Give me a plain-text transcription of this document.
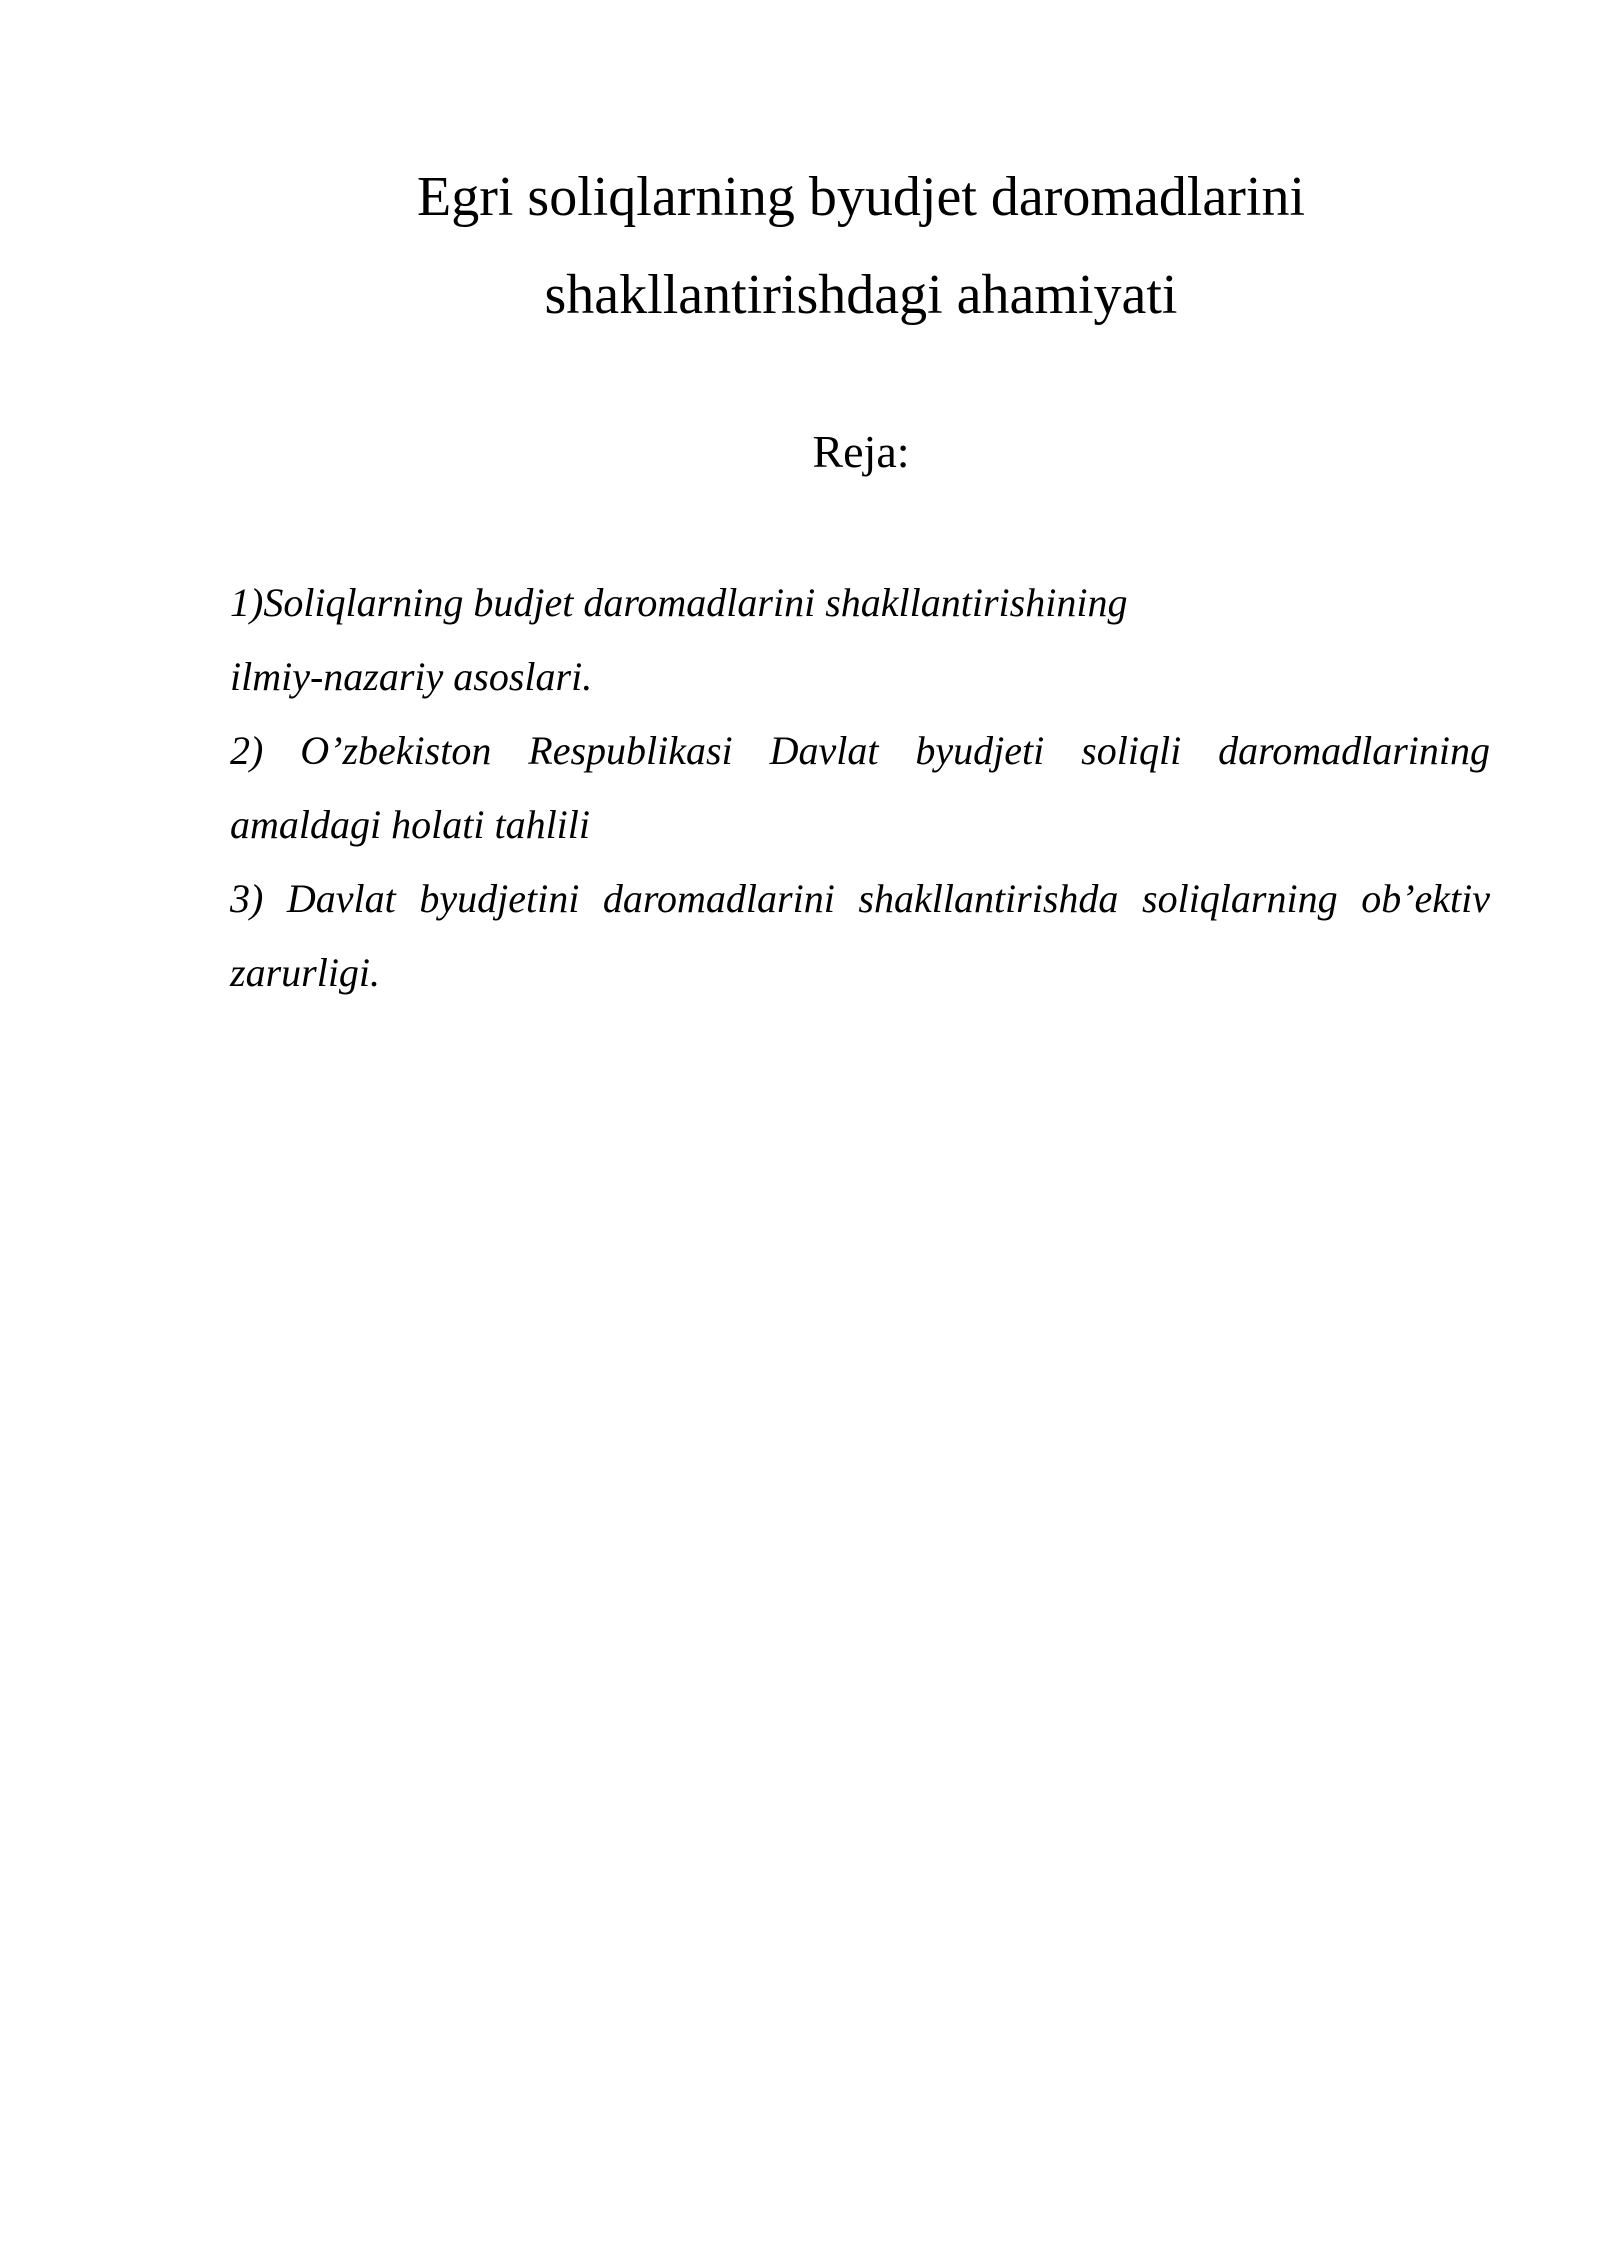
Egri soliqlarning byudjet daromadlarini
shakllantirishdagi ahamiyati
Reja:
1)Soliqlarning budjet daromadlarini shakllantirishining
ilmiy-nazariy asoslari.
2) O’zbekiston Respublikasi Davlat byudjeti soliqli daromadlarining
amaldagi holati tahlili
3) Davlat byudjetini daromadlarini shakllantirishda soliqlarning ob’ektiv
zarurligi.
